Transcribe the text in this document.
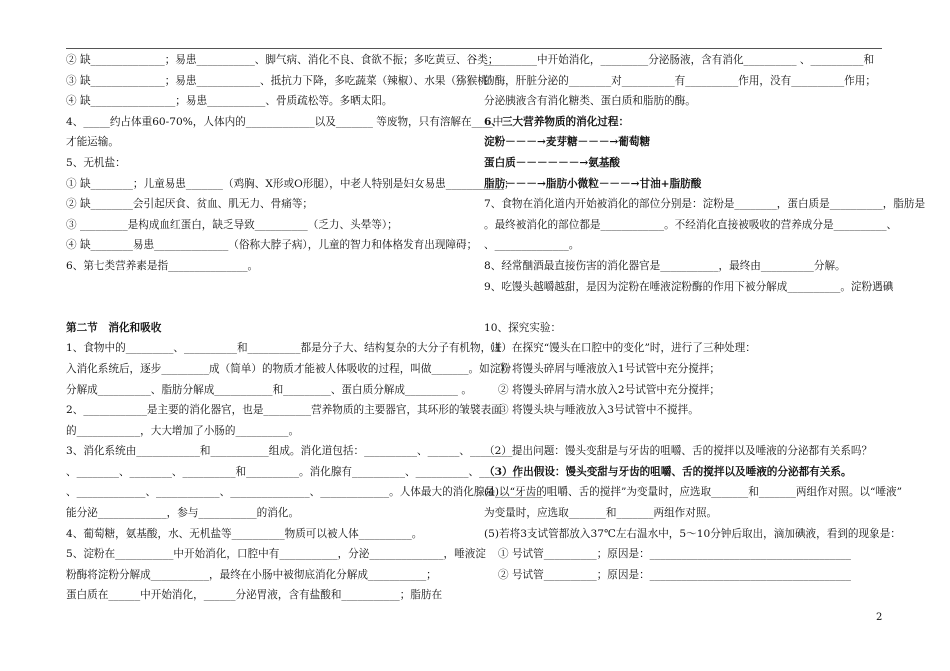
② 缺______________；易患___________、脚气病、消化不良、食欲不振；多吃黄豆、谷类；
③ 缺______________；易患____________、抵抗力下降，多吃蔬菜（辣椒）、水果（猕猴桃）
④ 缺________________；易患___________、骨质疏松等。多晒太阳。
4、_____约占体重60-70%，人体内的_____________以及_______ 等废物，只有溶解在____中
才能运输。
5、无机盐：
① 缺________；儿童易患_______（鸡胸、X形或O形腿），中老人特别是妇女易患___________；
② 缺________会引起厌食、贫血、肌无力、骨痛等；
③ _________是构成血红蛋白，缺乏导致__________（乏力、头晕等）；
④ 缺________易患______________（俗称大脖子病），儿童的智力和体格发育出现障碍；
6、第七类营养素是指_______________。
第二节　消化和吸收
1、食物中的_________、__________和__________都是分子大、结构复杂的大分子有机物，进
入消化系统后，逐步_________成（简单）的物质才能被人体吸收的过程，叫做_______。如淀粉
分解成__________、脂肪分解成___________和_________、蛋白质分解成__________ 。
2、____________是主要的消化器官，也是_________营养物质的主要器官，其环形的皱襞表面
的____________，大大增加了小肠的__________。
3、消化系统由____________和___________组成。消化道包括：__________、______、________
、________、________、__________和__________。消化腺有__________、__________、________
、_____________、____________、_______________、_____________。人体最大的消化腺是_________
能分泌_____________，参与___________的消化。
4、葡萄糖，氨基酸，水、无机盐等__________物质可以被人体__________。
5、淀粉在___________中开始消化，口腔中有___________，分泌______________，唾液淀
粉酶将淀粉分解成___________，最终在小肠中被彻底消化分解成___________；
蛋白质在______中开始消化，______分泌胃液，含有盐酸和___________；脂肪在
__________中开始消化，_________分泌肠液，含有消化__________ 、__________和
的酶，肝脏分泌的________对__________有__________作用，没有__________作用；
分泌胰液含有消化糖类、蛋白质和脂肪的酶。
6、三大营养物质的消化过程：
淀粉－－－→麦芽糖－－－→葡萄糖
蛋白质－－－－－－→氨基酸
脂肪－－－→脂肪小微粒－－－→甘油+脂肪酸
7、食物在消化道内开始被消化的部位分别是：淀粉是________，蛋白质是__________，脂肪是
。最终被消化的部位都是____________。不经消化直接被吸收的营养成分是__________、
、______________。
8、经常酗酒最直接伤害的消化器官是___________，最终由__________分解。
9、吃馒头越嚼越甜，是因为淀粉在唾液淀粉酶的作用下被分解成__________。淀粉遇碘
10、探究实验：
（1）在探究“馒头在口腔中的变化”时，进行了三种处理：
① 将馒头碎屑与唾液放入1号试管中充分搅拌；
② 将馒头碎屑与清水放入2号试管中充分搅拌；
③ 将馒头块与唾液放入3号试管中不搅拌。
（2）提出问题：馒头变甜是与牙齿的咀嚼、舌的搅拌以及唾液的分泌都有关系吗？
（3）作出假设：馒头变甜与牙齿的咀嚼、舌的搅拌以及唾液的分泌都有关系。
(4)以“牙齿的咀嚼、舌的搅拌”为变量时，应选取_______和_______两组作对照。以“唾液”
为变量时，应选取_______和_______两组作对照。
(5)若将3支试管都放入37℃左右温水中，5～10分钟后取出，滴加碘液，看到的现象是：
① 号试管__________；原因是：______________________________________
② 号试管__________；原因是：______________________________________
2
